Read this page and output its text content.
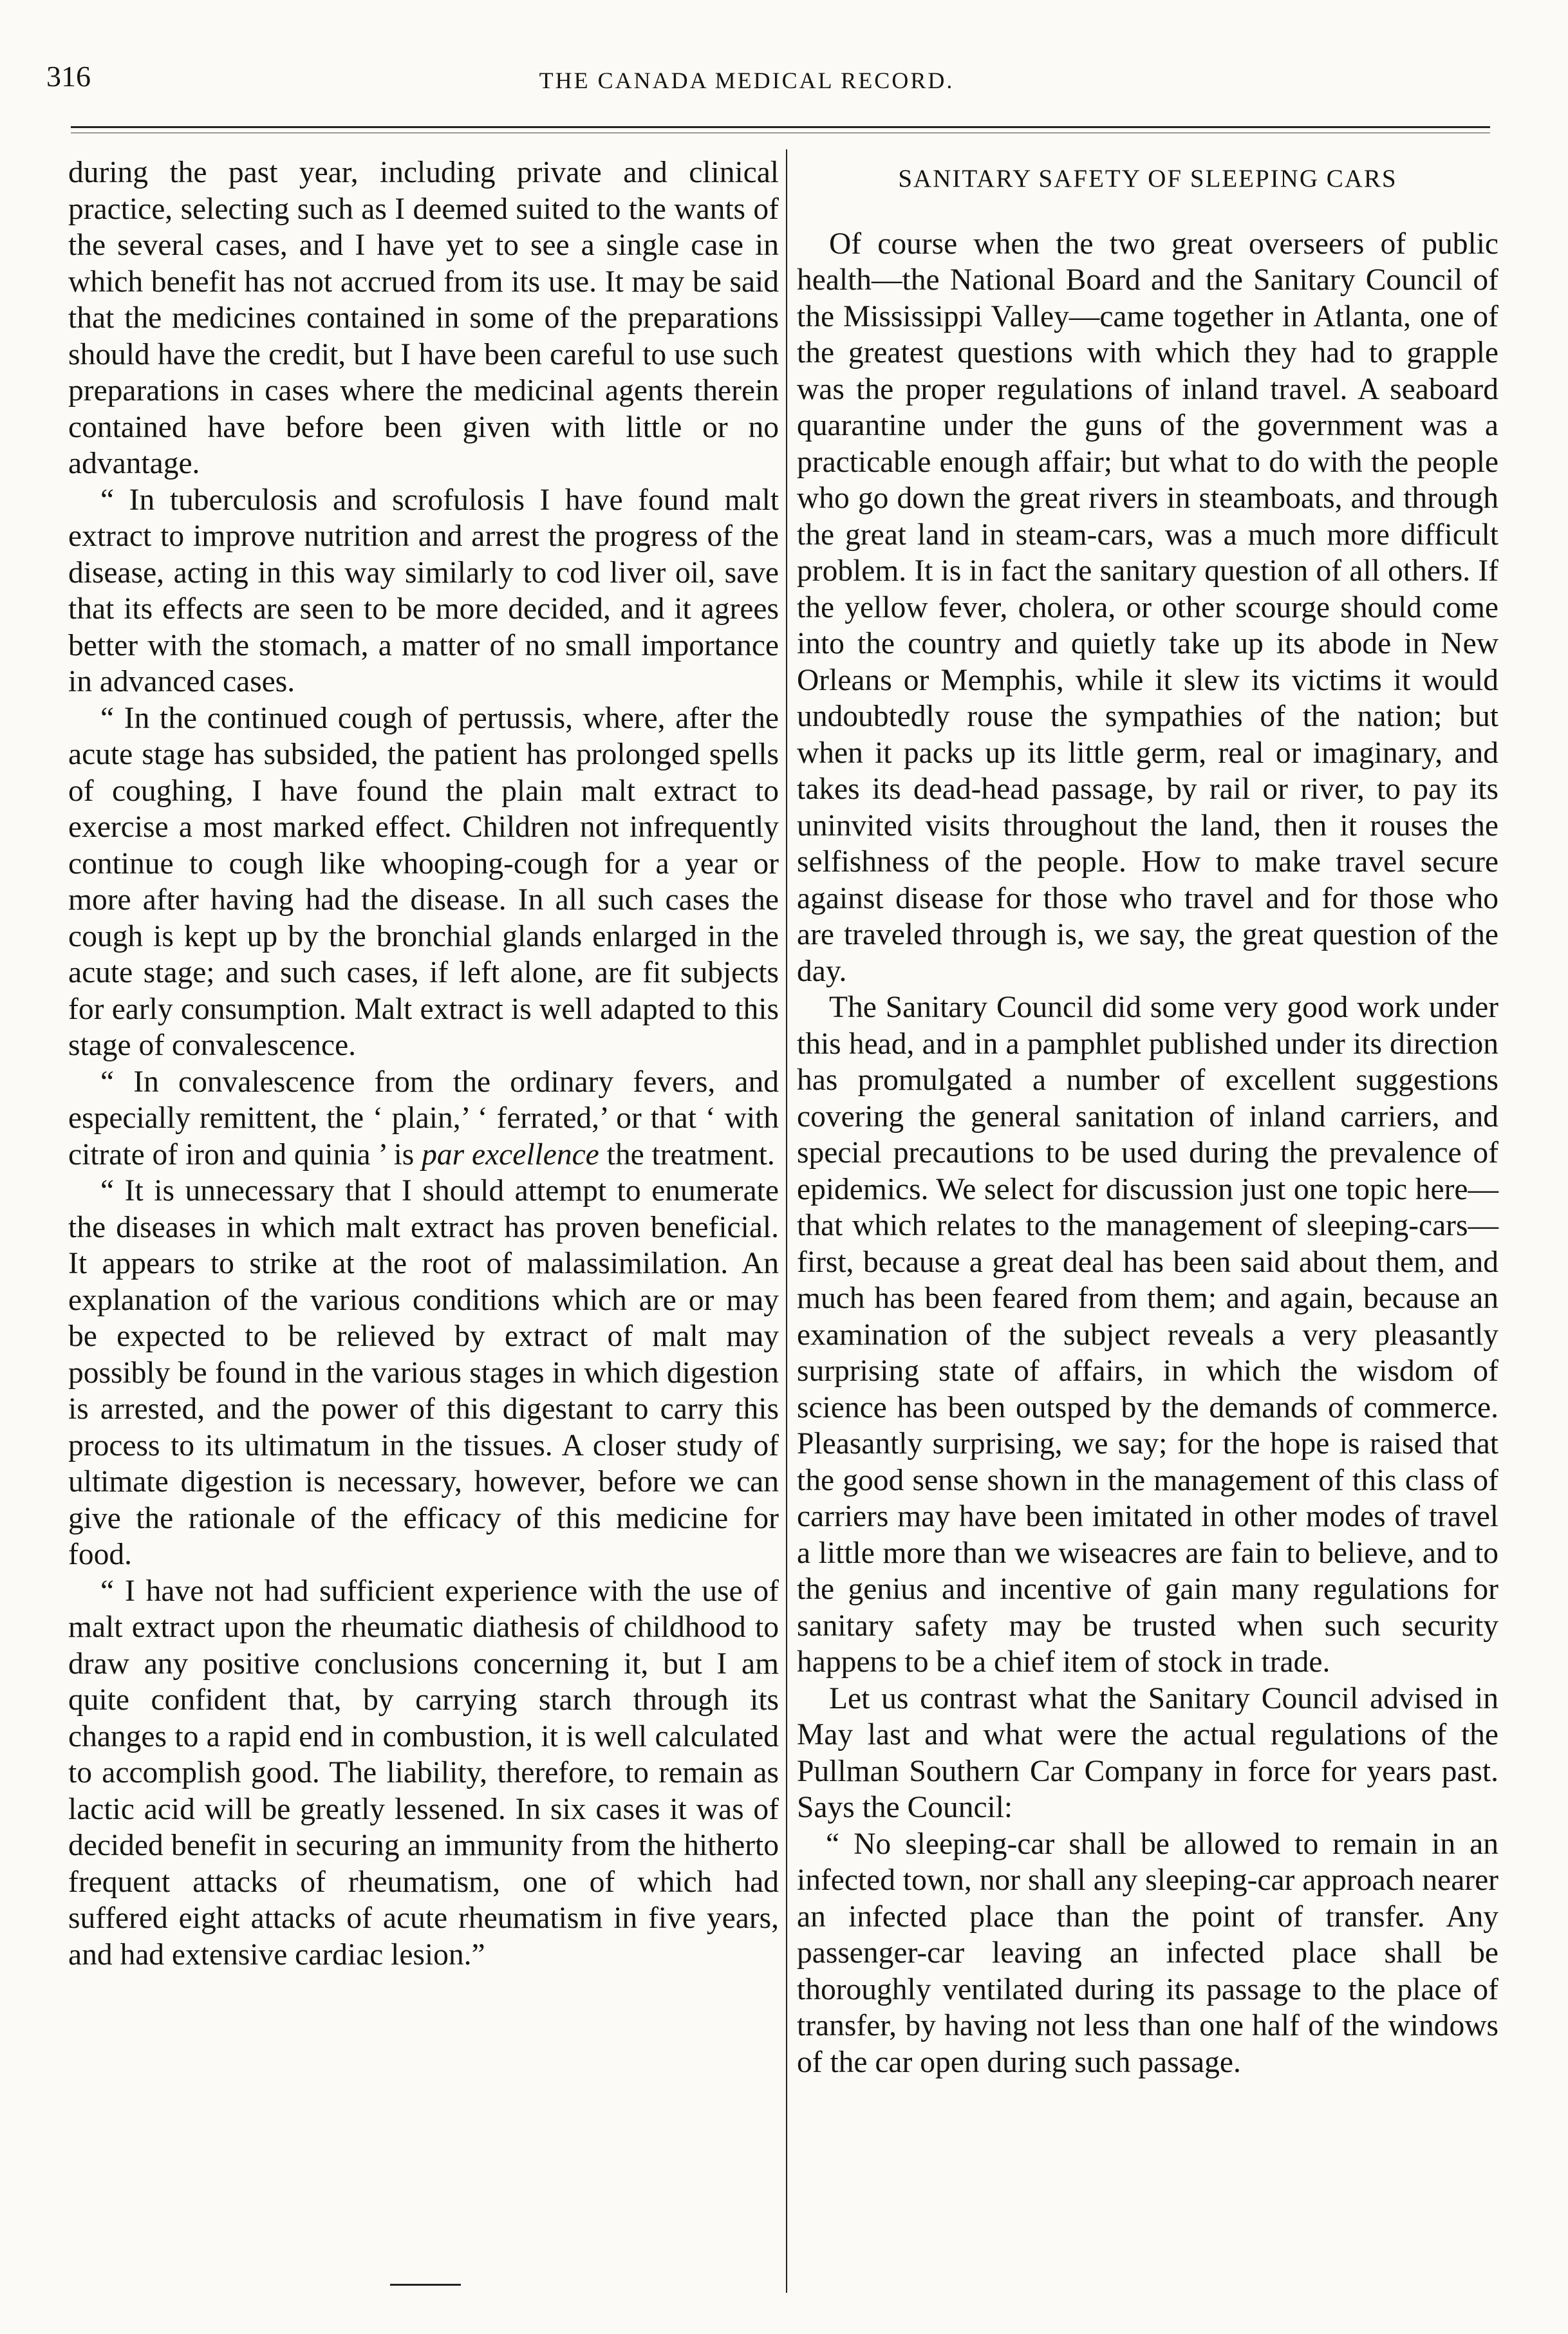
316	THE CANADA MEDICAL RECORD.

during the past year, including private and clinical practice, selecting such as I deemed suited to the wants of the several cases, and I have yet to see a single case in which benefit has not accrued from its use. It may be said that the medicines contained in some of the preparations should have the credit, but I have been careful to use such preparations in cases where the medicinal agents therein contained have before been given with little or no advantage.

“ In tuberculosis and scrofulosis I have found malt extract to improve nutrition and arrest the progress of the disease, acting in this way similarly to cod liver oil, save that its effects are seen to be more decided, and it agrees better with the stomach, a matter of no small importance in advanced cases.

“ In the continued cough of pertussis, where, after the acute stage has subsided, the patient has prolonged spells of coughing, I have found the plain malt extract to exercise a most marked effect. Children not infrequently continue to cough like whooping-cough for a year or more after having had the disease. In all such cases the cough is kept up by the bronchial glands enlarged in the acute stage; and such cases, if left alone, are fit subjects for early consumption. Malt extract is well adapted to this stage of convalescence.

“ In convalescence from the ordinary fevers, and especially remittent, the ‘ plain,’ ‘ ferrated,’ or that ‘ with citrate of iron and quinia ’ is par excellence the treatment.

“ It is unnecessary that I should attempt to enumerate the diseases in which malt extract has proven beneficial. It appears to strike at the root of malassimilation. An explanation of the various conditions which are or may be expected to be relieved by extract of malt may possibly be found in the various stages in which digestion is arrested, and the power of this digestant to carry this process to its ultimatum in the tissues. A closer study of ultimate digestion is necessary, however, before we can give the rationale of the efficacy of this medicine for food.

“ I have not had sufficient experience with the use of malt extract upon the rheumatic diathesis of childhood to draw any positive conclusions concerning it, but I am quite confident that, by carrying starch through its changes to a rapid end in combustion, it is well calculated to accomplish good. The liability, therefore, to remain as lactic acid will be greatly lessened. In six cases it was of decided benefit in securing an immunity from the hitherto frequent attacks of rheumatism, one of which had suffered eight attacks of acute rheumatism in five years, and had extensive cardiac lesion.”

SANITARY SAFETY OF SLEEPING CARS

Of course when the two great overseers of public health—the National Board and the Sanitary Council of the Mississippi Valley—came together in Atlanta, one of the greatest questions with which they had to grapple was the proper regulations of inland travel. A seaboard quarantine under the guns of the government was a practicable enough affair; but what to do with the people who go down the great rivers in steamboats, and through the great land in steam-cars, was a much more difficult problem. It is in fact the sanitary question of all others. If the yellow fever, cholera, or other scourge should come into the country and quietly take up its abode in New Orleans or Memphis, while it slew its victims it would undoubtedly rouse the sympathies of the nation; but when it packs up its little germ, real or imaginary, and takes its dead-head passage, by rail or river, to pay its uninvited visits throughout the land, then it rouses the selfishness of the people. How to make travel secure against disease for those who travel and for those who are traveled through is, we say, the great question of the day.

The Sanitary Council did some very good work under this head, and in a pamphlet published under its direction has promulgated a number of excellent suggestions covering the general sanitation of inland carriers, and special precautions to be used during the prevalence of epidemics. We select for discussion just one topic here—that which relates to the management of sleeping-cars—first, because a great deal has been said about them, and much has been feared from them; and again, because an examination of the subject reveals a very pleasantly surprising state of affairs, in which the wisdom of science has been outsped by the demands of commerce. Pleasantly surprising, we say; for the hope is raised that the good sense shown in the management of this class of carriers may have been imitated in other modes of travel a little more than we wiseacres are fain to believe, and to the genius and incentive of gain many regulations for sanitary safety may be trusted when such security happens to be a chief item of stock in trade.

Let us contrast what the Sanitary Council advised in May last and what were the actual regulations of the Pullman Southern Car Company in force for years past. Says the Council:

“ No sleeping-car shall be allowed to remain in an infected town, nor shall any sleeping-car approach nearer an infected place than the point of transfer. Any passenger-car leaving an infected place shall be thoroughly ventilated during its passage to the place of transfer, by having not less than one half of the windows of the car open during such passage.
